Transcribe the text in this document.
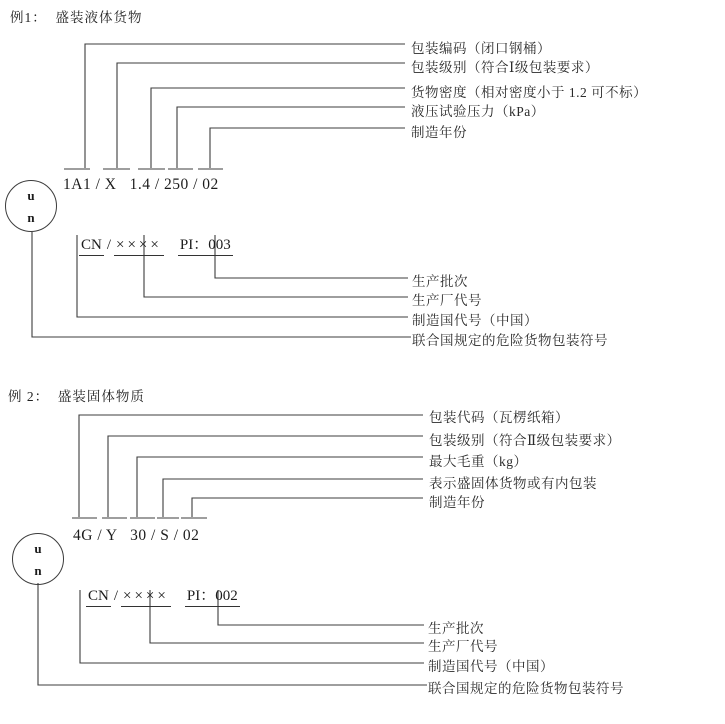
例1：  盛装液体货物
包装编码（闭口钢桶）
包装级别（符合Ⅰ级包装要求）
货物密度（相对密度小于 1.2 可不标）
液压试验压力（kPa）
制造年份
1A1 / X   1.4 / 250 / 02
u
n

CN / ×××× PI：003

生产批次
生产厂代号
制造国代号（中国）
联合国规定的危险货物包装符号
例 2：  盛装固体物质
包装代码（瓦楞纸箱）
包装级别（符合Ⅱ级包装要求）
最大毛重（kg）
表示盛固体货物或有内包装
制造年份
4G / Y   30 / S / 02
u
n

CN / ×××× PI：002

生产批次
生产厂代号
制造国代号（中国）
联合国规定的危险货物包装符号
